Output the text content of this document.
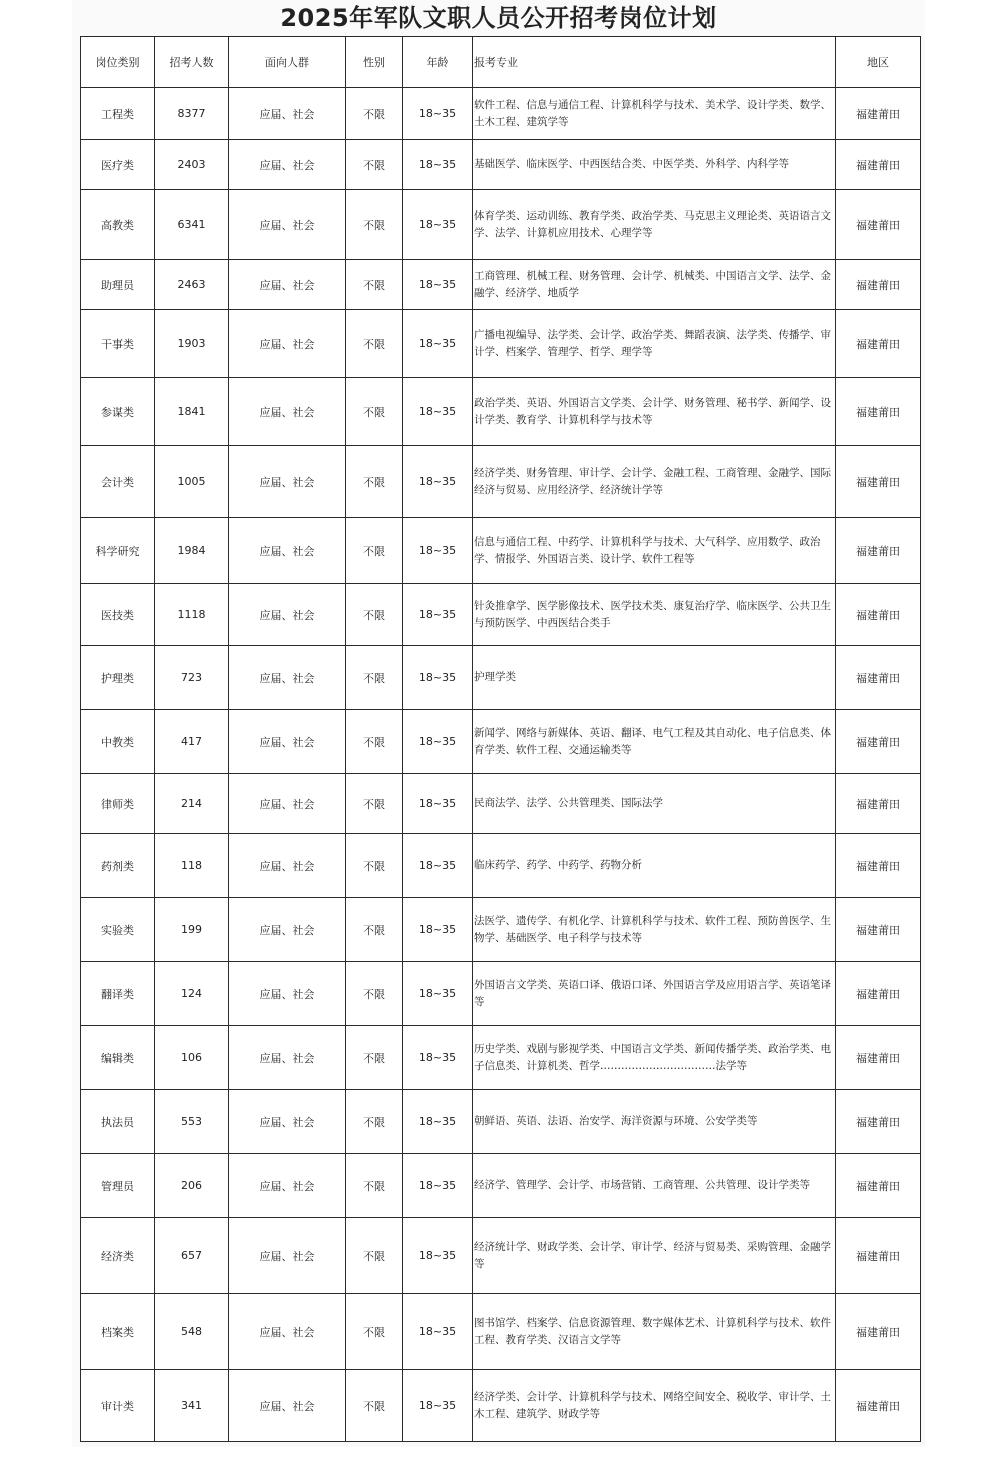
2025年军队文职人员公开招考岗位计划
岗位类别	招考人数	面向人群	性别	年龄	报考专业	地区
工程类	8377	应届、社会	不限	18~35	软件工程、信息与通信工程、计算机科学与技术、美术学、设计学类、数学、土木工程、建筑学等	福建莆田
医疗类	2403	应届、社会	不限	18~35	基础医学、临床医学、中西医结合类、中医学类、外科学、内科学等	福建莆田
高教类	6341	应届、社会	不限	18~35	体育学类、运动训练、教育学类、政治学类、马克思主义理论类、英语语言文学、法学、计算机应用技术、心理学等	福建莆田
助理员	2463	应届、社会	不限	18~35	工商管理、机械工程、财务管理、会计学、机械类、中国语言文学、法学、金融学、经济学、地质学	福建莆田
干事类	1903	应届、社会	不限	18~35	广播电视编导、法学类、会计学、政治学类、舞蹈表演、法学类、传播学、审计学、档案学、管理学、哲学、理学等	福建莆田
参谋类	1841	应届、社会	不限	18~35	政治学类、英语、外国语言文学类、会计学、财务管理、秘书学、新闻学、设计学类、教育学、计算机科学与技术等	福建莆田
会计类	1005	应届、社会	不限	18~35	经济学类、财务管理、审计学、会计学、金融工程、工商管理、金融学、国际经济与贸易、应用经济学、经济统计学等	福建莆田
科学研究	1984	应届、社会	不限	18~35	信息与通信工程、中药学、计算机科学与技术、大气科学、应用数学、政治学、情报学、外国语言类、设计学、软件工程等	福建莆田
医技类	1118	应届、社会	不限	18~35	针灸推拿学、医学影像技术、医学技术类、康复治疗学、临床医学、公共卫生与预防医学、中西医结合类手	福建莆田
护理类	723	应届、社会	不限	18~35	护理学类	福建莆田
中教类	417	应届、社会	不限	18~35	新闻学、网络与新媒体、英语、翻译、电气工程及其自动化、电子信息类、体育学类、软件工程、交通运输类等	福建莆田
律师类	214	应届、社会	不限	18~35	民商法学、法学、公共管理类、国际法学	福建莆田
药剂类	118	应届、社会	不限	18~35	临床药学、药学、中药学、药物分析	福建莆田
实验类	199	应届、社会	不限	18~35	法医学、遗传学、有机化学、计算机科学与技术、软件工程、预防兽医学、生物学、基础医学、电子科学与技术等	福建莆田
翻译类	124	应届、社会	不限	18~35	外国语言文学类、英语口译、俄语口译、外国语言学及应用语言学、英语笔译等	福建莆田
编辑类	106	应届、社会	不限	18~35	历史学类、戏剧与影视学类、中国语言文学类、新闻传播学类、政治学类、电子信息类、计算机类、哲学……………………………法学等	福建莆田
执法员	553	应届、社会	不限	18~35	朝鲜语、英语、法语、治安学、海洋资源与环境、公安学类等	福建莆田
管理员	206	应届、社会	不限	18~35	经济学、管理学、会计学、市场营销、工商管理、公共管理、设计学类等	福建莆田
经济类	657	应届、社会	不限	18~35	经济统计学、财政学类、会计学、审计学、经济与贸易类、采购管理、金融学等	福建莆田
档案类	548	应届、社会	不限	18~35	图书馆学、档案学、信息资源管理、数字媒体艺术、计算机科学与技术、软件工程、教育学类、汉语言文学等	福建莆田
审计类	341	应届、社会	不限	18~35	经济学类、会计学、计算机科学与技术、网络空间安全、税收学、审计学、土木工程、建筑学、财政学等	福建莆田
